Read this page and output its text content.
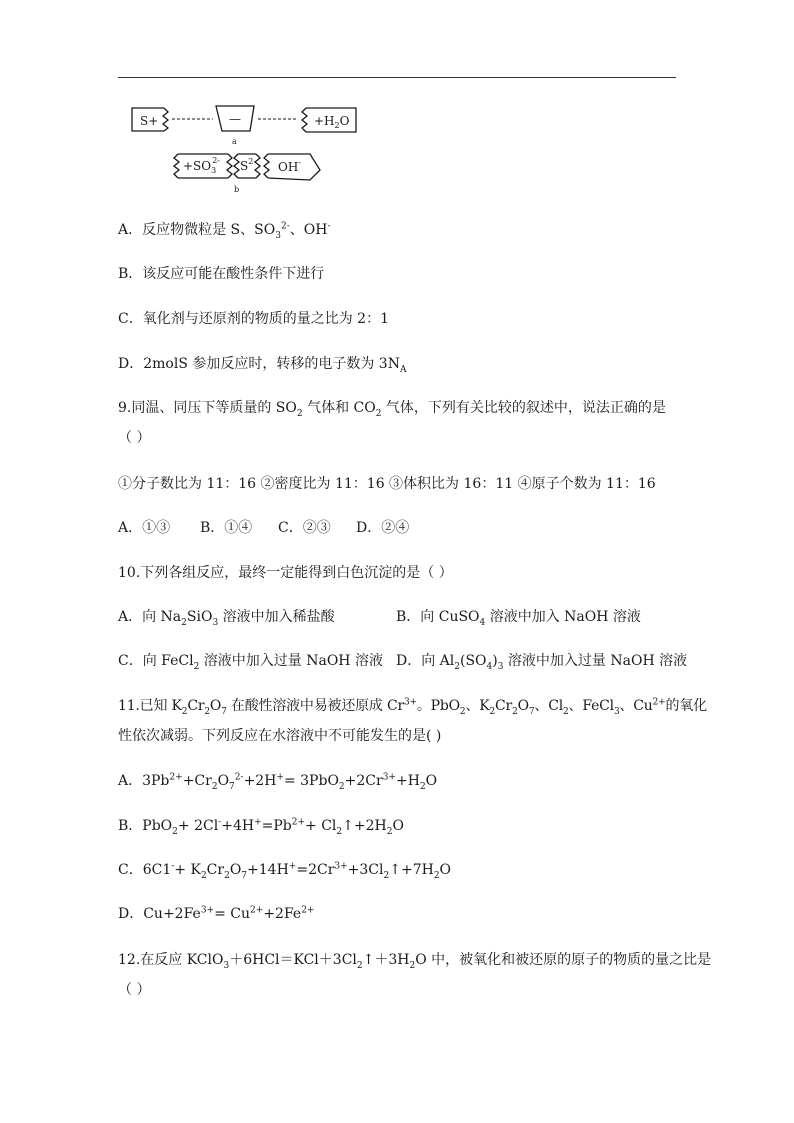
S+	—	$+H_2O$
a
$+SO_32-$ $S^{2-}$ OH-
b
A．反应物微粒是 S、$SO_3^{2-}$、OH-
B．该反应可能在酸性条件下进行
C．氧化剂与还原剂的物质的量之比为 2：1
D．2molS 参加反应时，转移的电子数为 $3N_A$
9.同温、同压下等质量的 $SO_2$ 气体和 $CO_2$ 气体，下列有关比较的叙述中，说法正确的是
（ ）
①分子数比为 11：16 ②密度比为 11：16 ③体积比为 16：11 ④原子个数为 11：16
A．①③ B．①④ C．②③ D．②④
10.下列各组反应，最终一定能得到白色沉淀的是（ ）
A．向 $Na_2SiO_3$ 溶液中加入稀盐酸	B．向 CuSO$_4$ 溶液中加入 NaOH 溶液
C．向 FeCl$_2$ 溶液中加入过量 NaOH 溶液 D．向 $Al_2(SO_4)_3$ 溶液中加入过量 NaOH 溶液
11.已知 $K_2Cr_2O_7$ 在酸性溶液中易被还原成 $Cr^{3+}$。PbO$_2$、$K_2Cr_2O_7$、$Cl_2$、FeCl$_3$、$Cu^{2+}$的氧化
性依次减弱。下列反应在水溶液中不可能发生的是( )
A．$3Pb^{2+}+Cr_2O_7^{2-}+2H^+= 3PbO_2+2Cr^{3+}+H_2O$
B．$PbO_2+ 2Cl^-+4H^+=Pb^{2+}+$ $Cl_2↑+2H_2O$
C．$6C1^-+ K_2Cr_2O_7+14H^+=2Cr^{3+}+3Cl_2↑+7H_2O$
D．$Cu+2Fe^{3+}= Cu^{2+}+2Fe^{2+}$
12.在反应 $KClO_3+6HCl=KCl+3Cl_2↑+3H_2O$ 中，被氧化和被还原的原子的物质的量之比是
（ ）
